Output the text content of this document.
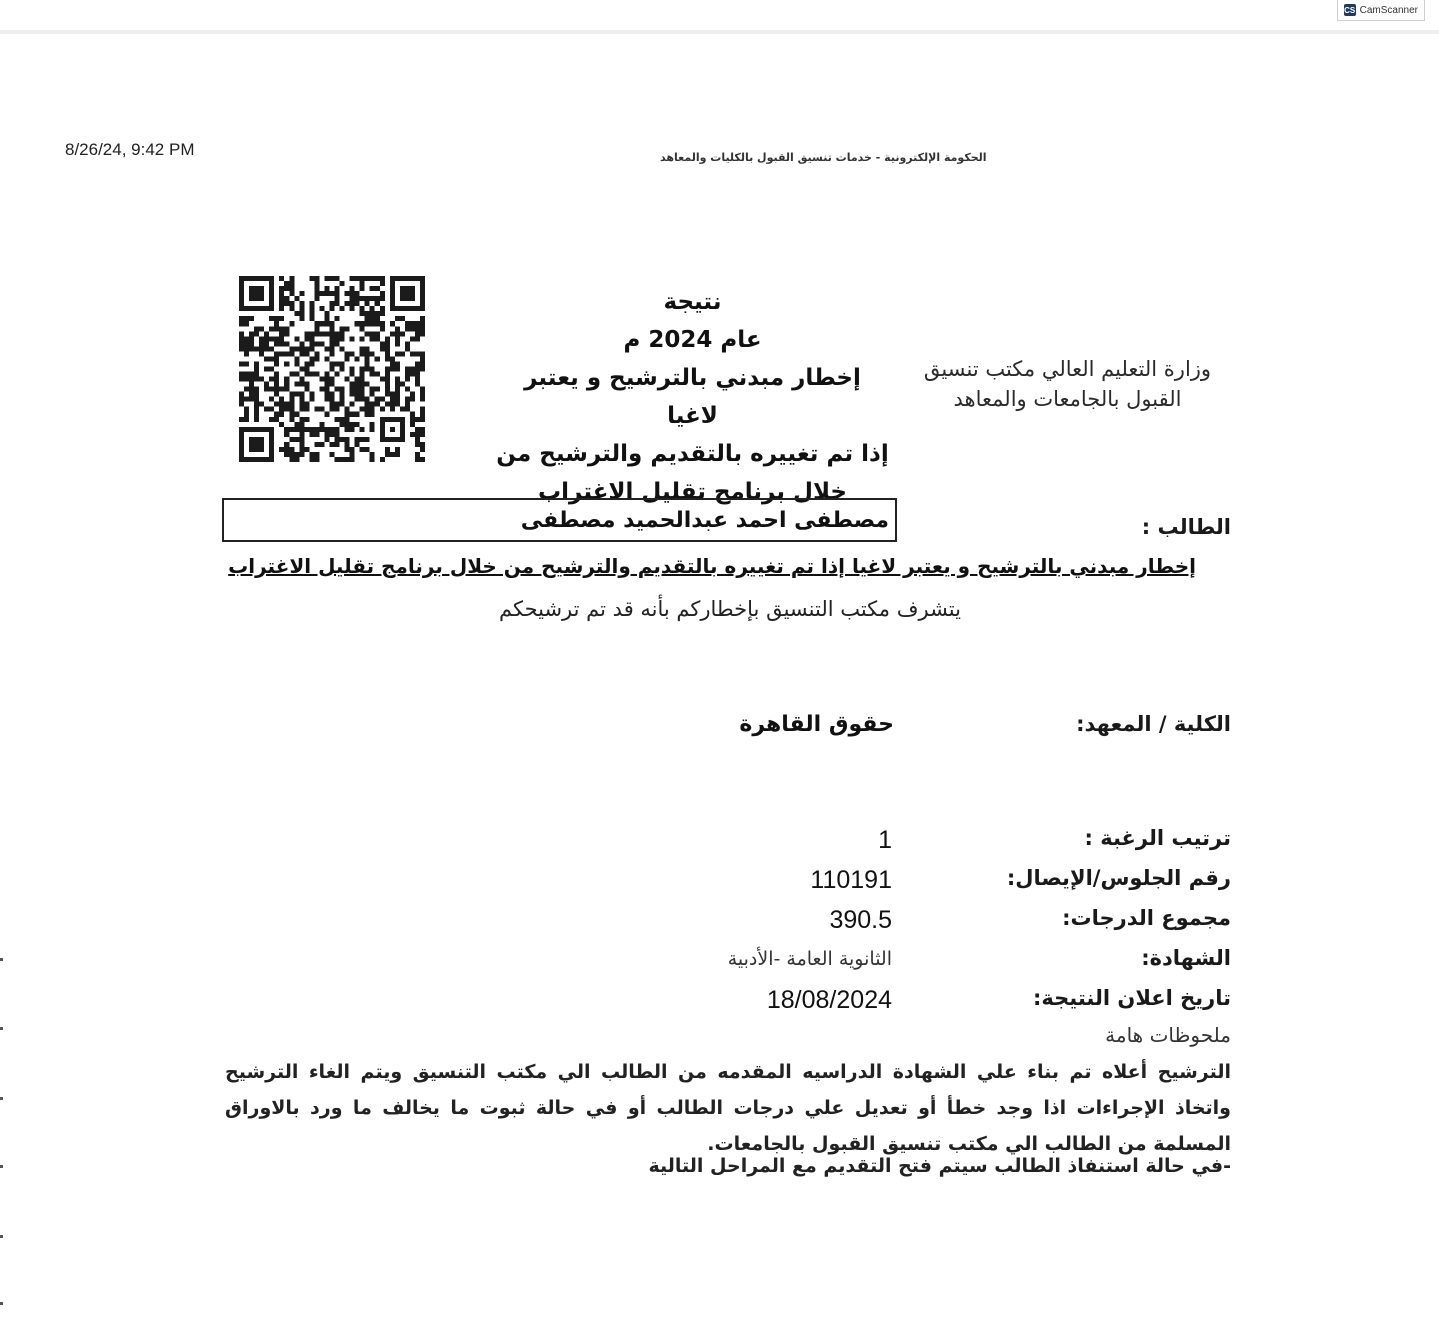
CS CamScanner
8/26/24, 9:42 PM	الحكومة الإلكترونية - خدمات تنسيق القبول بالكليات والمعاهد
نتيجة
عام 2024 م
إخطار مبدني بالترشيح و يعتبر لاغيا
إذا تم تغييره بالتقديم والترشيح من
خلال برنامج تقليل الاغتراب
وزارة التعليم العالي مكتب تنسيق
القبول بالجامعات والمعاهد
الطالب :
مصطفى احمد عبدالحميد مصطفى
إخطار مبدني بالترشيح و يعتبر لاغيا إذا تم تغييره بالتقديم والترشيح من خلال برنامج تقليل الاغتراب
يتشرف مكتب التنسيق بإخطاركم بأنه قد تم ترشيحكم
الكلية / المعهد:
حقوق القاهرة
ترتيب الرغبة :
1
رقم الجلوس/الإيصال:
110191
مجموع الدرجات:
390.5
الشهادة:
الثانوية العامة -الأدبية
تاريخ اعلان النتيجة:
18/08/2024
ملحوظات هامة
الترشيح أعلاه تم بناء علي الشهادة الدراسيه المقدمه من الطالب الي مكتب التنسيق ويتم الغاء الترشيح واتخاذ الإجراءات اذا وجد خطأ أو تعديل علي درجات الطالب أو في حالة ثبوت ما يخالف ما ورد بالاوراق المسلمة من الطالب الي مكتب تنسيق القبول بالجامعات.
-في حالة استنفاذ الطالب سيتم فتح التقديم مع المراحل التالية
